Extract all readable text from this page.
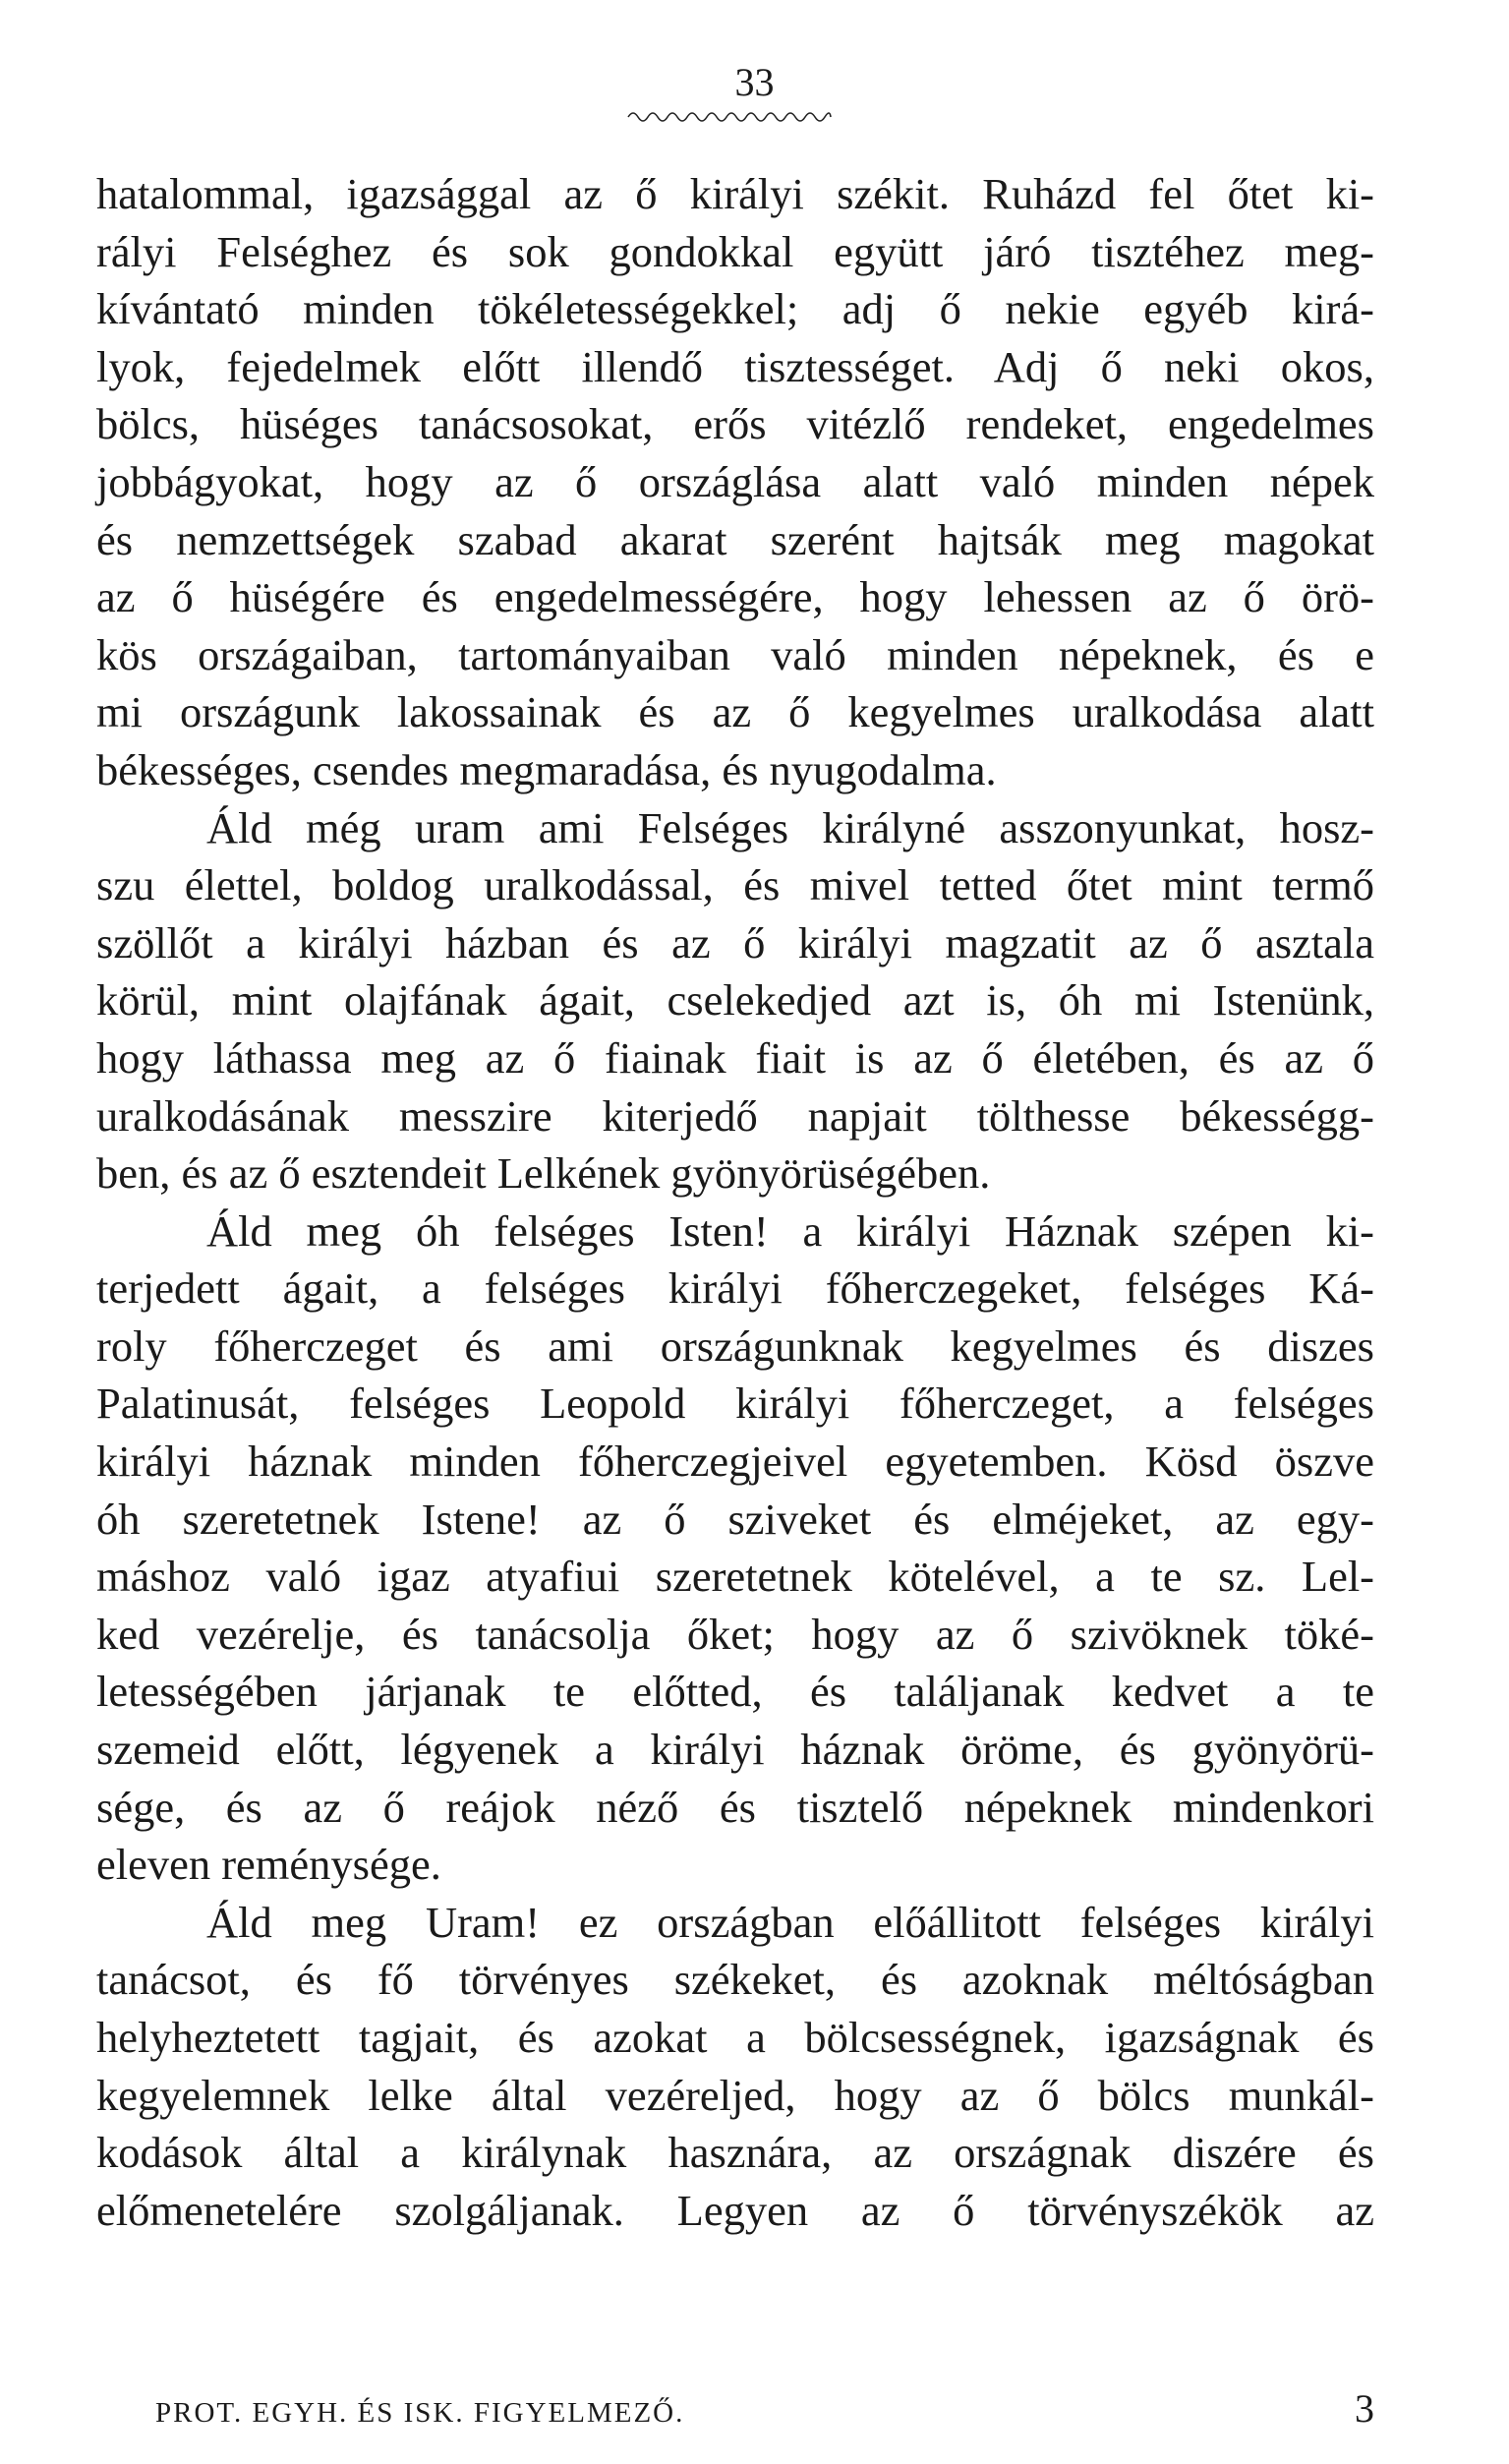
33
hatalommal, igazsággal az ő királyi székit. Ruházd fel őtet ki-
rályi Felséghez és sok gondokkal együtt járó tisztéhez meg-
kívántató minden tökéletességekkel; adj ő nekie egyéb kirá-
lyok, fejedelmek előtt illendő tisztességet. Adj ő neki okos,
bölcs, hüséges tanácsosokat, erős vitézlő rendeket, engedelmes
jobbágyokat, hogy az ő országlása alatt való minden népek
és nemzettségek szabad akarat szerént hajtsák meg magokat
az ő hüségére és engedelmességére, hogy lehessen az ő örö-
kös országaiban, tartományaiban való minden népeknek, és e
mi országunk lakossainak és az ő kegyelmes uralkodása alatt
békességes, csendes megmaradása, és nyugodalma.
Áld még uram ami Felséges királyné asszonyunkat, hosz-
szu élettel, boldog uralkodással, és mivel tetted őtet mint termő
szöllőt a királyi házban és az ő királyi magzatit az ő asztala
körül, mint olajfának ágait, cselekedjed azt is, óh mi Istenünk,
hogy láthassa meg az ő fiainak fiait is az ő életében, és az ő
uralkodásának messzire kiterjedő napjait tölthesse békességg-
ben, és az ő esztendeit Lelkének gyönyörüségében.
Áld meg óh felséges Isten! a királyi Háznak szépen ki-
terjedett ágait, a felséges királyi főherczegeket, felséges Ká-
roly főherczeget és ami országunknak kegyelmes és diszes
Palatinusát, felséges Leopold királyi főherczeget, a felséges
királyi háznak minden főherczegjeivel egyetemben. Kösd öszve
óh szeretetnek Istene! az ő sziveket és elméjeket, az egy-
máshoz való igaz atyafiui szeretetnek kötelével, a te sz. Lel-
ked vezérelje, és tanácsolja őket; hogy az ő szivöknek töké-
letességében járjanak te előtted, és találjanak kedvet a te
szemeid előtt, légyenek a királyi háznak öröme, és gyönyörü-
sége, és az ő reájok néző és tisztelő népeknek mindenkori
eleven reménysége.
Áld meg Uram! ez országban előállitott felséges királyi
tanácsot, és fő törvényes székeket, és azoknak méltóságban
helyheztetett tagjait, és azokat a bölcsességnek, igazságnak és
kegyelemnek lelke által vezéreljed, hogy az ő bölcs munkál-
kodások által a királynak hasznára, az országnak diszére és
előmenetelére szolgáljanak. Legyen az ő törvényszékök az
PROT. EGYH. ÉS ISK. FIGYELMEZŐ.	3
